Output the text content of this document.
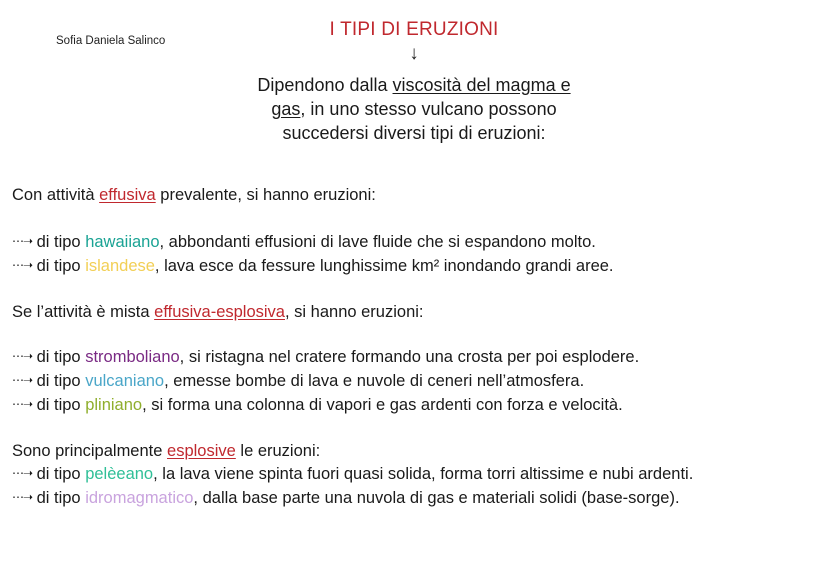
Sofia Daniela Salinco
I TIPI DI ERUZIONI
↓
Dipendono dalla viscosità del magma e
gas, in uno stesso vulcano possono
succedersi diversi tipi di eruzioni:
Con attività effusiva prevalente, si hanno eruzioni:
⋯➝ di tipo hawaiiano, abbondanti effusioni di lave fluide che si espandono molto.
⋯➝ di tipo islandese, lava esce da fessure lunghissime km² inondando grandi aree.
Se l’attività è mista effusiva-esplosiva, si hanno eruzioni:
⋯➝ di tipo stromboliano, si ristagna nel cratere formando una crosta per poi esplodere.
⋯➝ di tipo vulcaniano, emesse bombe di lava e nuvole di ceneri nell’atmosfera.
⋯➝ di tipo pliniano, si forma una colonna di vapori e gas ardenti con forza e velocità.
Sono principalmente esplosive le eruzioni:
⋯➝ di tipo pelèeano, la lava viene spinta fuori quasi solida, forma torri altissime e nubi ardenti.
⋯➝ di tipo idromagmatico, dalla base parte una nuvola di gas e materiali solidi (base-sorge).
